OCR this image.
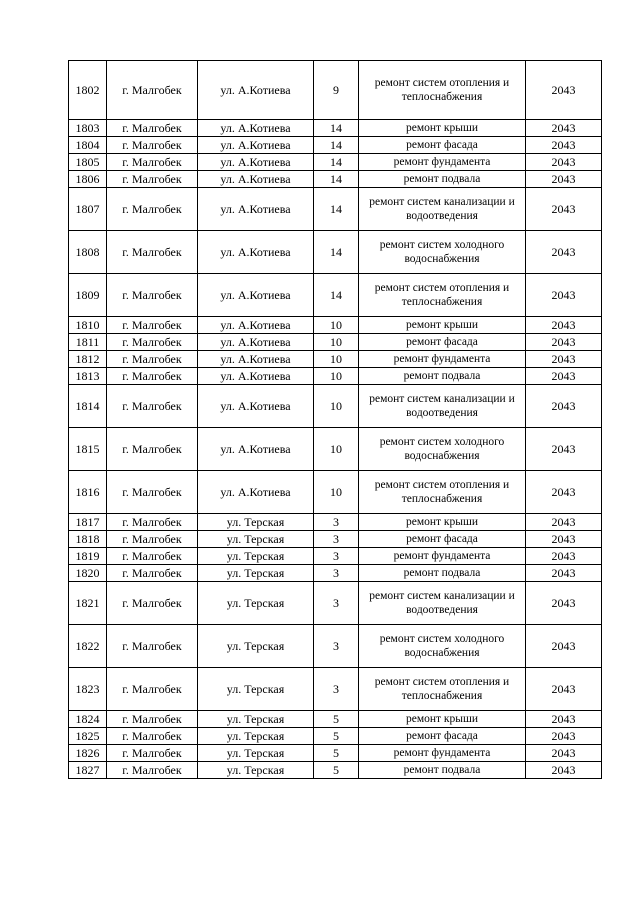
1802	г. Малгобек	ул. А.Котиева	9	ремонт систем отопления и теплоснабжения	2043
1803	г. Малгобек	ул. А.Котиева	14	ремонт крыши	2043
1804	г. Малгобек	ул. А.Котиева	14	ремонт фасада	2043
1805	г. Малгобек	ул. А.Котиева	14	ремонт фундамента	2043
1806	г. Малгобек	ул. А.Котиева	14	ремонт подвала	2043
1807	г. Малгобек	ул. А.Котиева	14	ремонт систем канализации и водоотведения	2043
1808	г. Малгобек	ул. А.Котиева	14	ремонт систем холодного водоснабжения	2043
1809	г. Малгобек	ул. А.Котиева	14	ремонт систем отопления и теплоснабжения	2043
1810	г. Малгобек	ул. А.Котиева	10	ремонт крыши	2043
1811	г. Малгобек	ул. А.Котиева	10	ремонт фасада	2043
1812	г. Малгобек	ул. А.Котиева	10	ремонт фундамента	2043
1813	г. Малгобек	ул. А.Котиева	10	ремонт подвала	2043
1814	г. Малгобек	ул. А.Котиева	10	ремонт систем канализации и водоотведения	2043
1815	г. Малгобек	ул. А.Котиева	10	ремонт систем холодного водоснабжения	2043
1816	г. Малгобек	ул. А.Котиева	10	ремонт систем отопления и теплоснабжения	2043
1817	г. Малгобек	ул. Терская	3	ремонт крыши	2043
1818	г. Малгобек	ул. Терская	3	ремонт фасада	2043
1819	г. Малгобек	ул. Терская	3	ремонт фундамента	2043
1820	г. Малгобек	ул. Терская	3	ремонт подвала	2043
1821	г. Малгобек	ул. Терская	3	ремонт систем канализации и водоотведения	2043
1822	г. Малгобек	ул. Терская	3	ремонт систем холодного водоснабжения	2043
1823	г. Малгобек	ул. Терская	3	ремонт систем отопления и теплоснабжения	2043
1824	г. Малгобек	ул. Терская	5	ремонт крыши	2043
1825	г. Малгобек	ул. Терская	5	ремонт фасада	2043
1826	г. Малгобек	ул. Терская	5	ремонт фундамента	2043
1827	г. Малгобек	ул. Терская	5	ремонт подвала	2043
